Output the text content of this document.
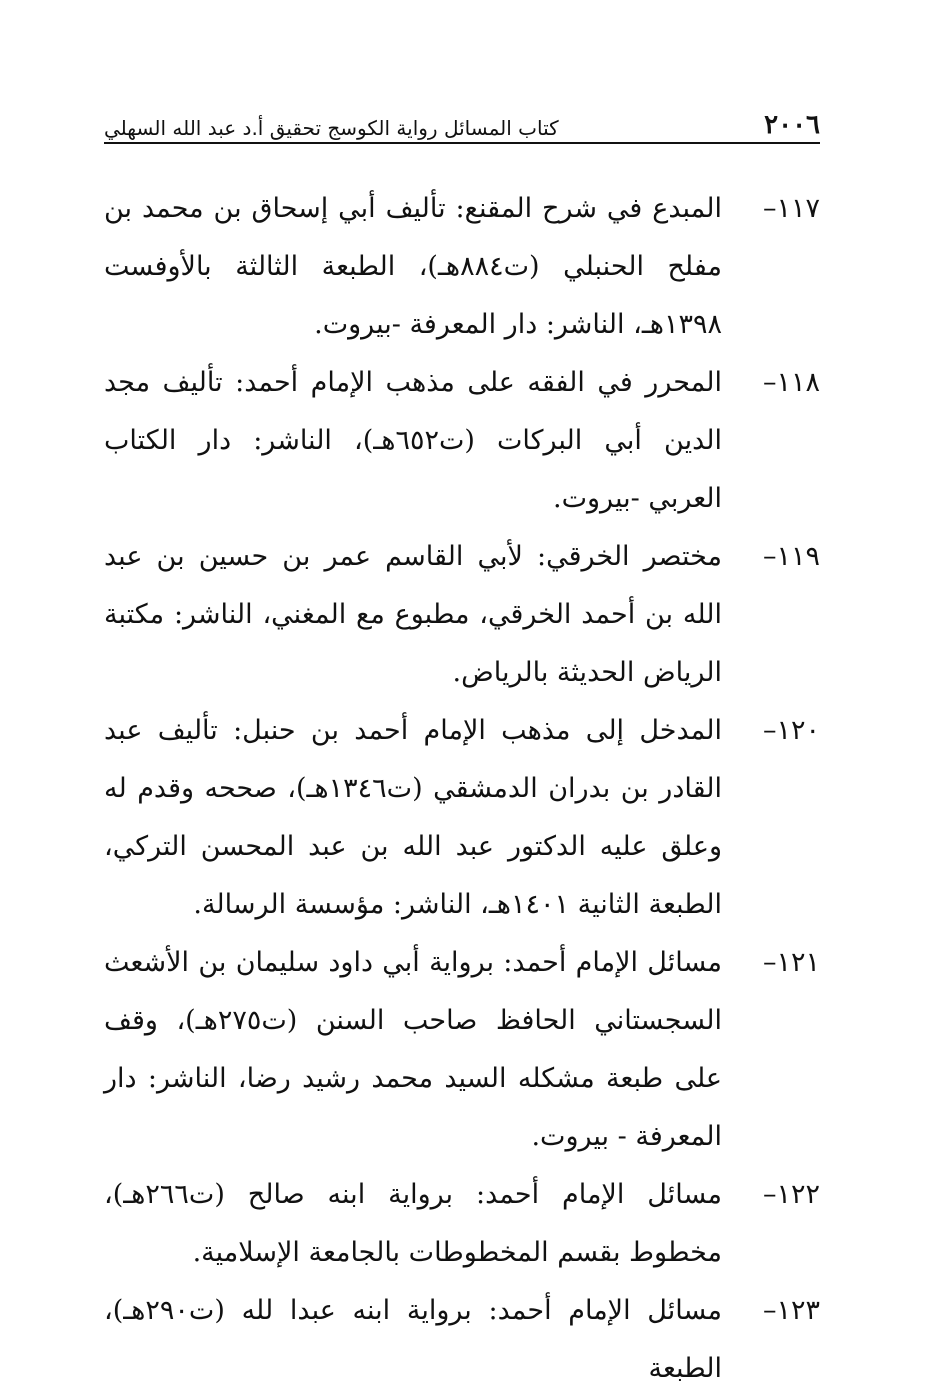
٢٠٠٦
كتاب المسائل رواية الكوسج تحقيق أ.د عبد الله السهلي
١١٧–
المبدع في شرح المقنع: تأليف أبي إسحاق بن محمد بن مفلح الحنبلي (ت٨٨٤هـ)، الطبعة الثالثة بالأوفست ١٣٩٨هـ، الناشر: دار المعرفة -بيروت.
١١٨–
المحرر في الفقه على مذهب الإمام أحمد: تأليف مجد الدين أبي البركات (ت٦٥٢هـ)، الناشر: دار الكتاب العربي -بيروت.
١١٩–
مختصر الخرقي: لأبي القاسم عمر بن حسين بن عبد الله بن أحمد الخرقي، مطبوع مع المغني، الناشر: مكتبة الرياض الحديثة بالرياض.
١٢٠–
المدخل إلى مذهب الإمام أحمد بن حنبل: تأليف عبد القادر بن بدران الدمشقي (ت١٣٤٦هـ)، صححه وقدم له وعلق عليه الدكتور عبد الله بن عبد المحسن التركي، الطبعة الثانية ١٤٠١هـ، الناشر: مؤسسة الرسالة.
١٢١–
مسائل الإمام أحمد: برواية أبي داود سليمان بن الأشعث السجستاني الحافظ صاحب السنن (ت٢٧٥هـ)، وقف على طبعة مشكله السيد محمد رشيد رضا، الناشر: دار المعرفة - بيروت.
١٢٢–
مسائل الإمام أحمد: برواية ابنه صالح (ت٢٦٦هـ)، مخطوط بقسم المخطوطات بالجامعة الإسلامية.
١٢٣–
مسائل الإمام أحمد: برواية ابنه عبدا لله (ت٢٩٠هـ)، الطبعة
